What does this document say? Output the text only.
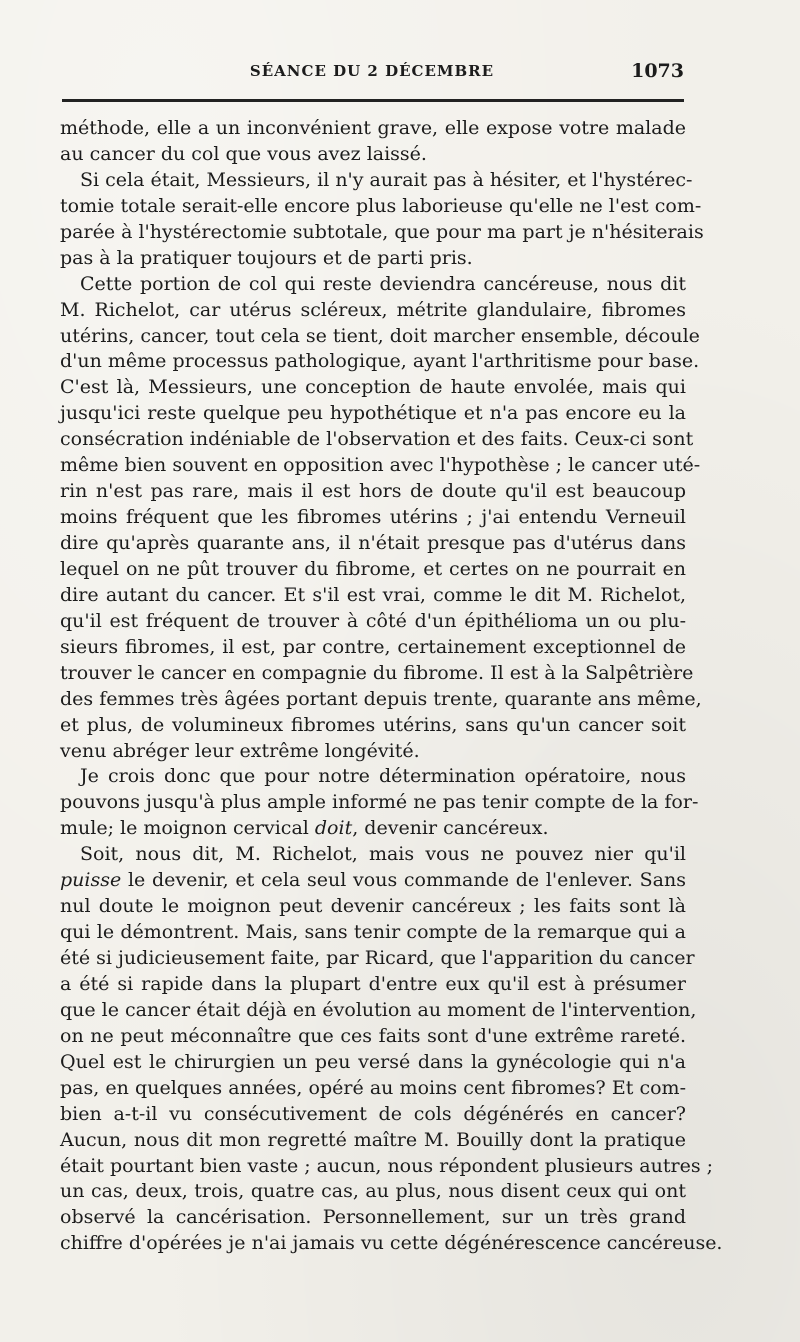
SÉANCE DU 2 DÉCEMBRE	1073
méthode, elle a un inconvénient grave, elle expose votre malade
au cancer du col que vous avez laissé.
Si cela était, Messieurs, il n'y aurait pas à hésiter, et l'hystérec-
tomie totale serait-elle encore plus laborieuse qu'elle ne l'est com-
parée à l'hystérectomie subtotale, que pour ma part je n'hésiterais
pas à la pratiquer toujours et de parti pris.
Cette portion de col qui reste deviendra cancéreuse, nous dit
M. Richelot, car utérus scléreux, métrite glandulaire, fibromes
utérins, cancer, tout cela se tient, doit marcher ensemble, découle
d'un même processus pathologique, ayant l'arthritisme pour base.
C'est là, Messieurs, une conception de haute envolée, mais qui
jusqu'ici reste quelque peu hypothétique et n'a pas encore eu la
consécration indéniable de l'observation et des faits. Ceux-ci sont
même bien souvent en opposition avec l'hypothèse ; le cancer uté-
rin n'est pas rare, mais il est hors de doute qu'il est beaucoup
moins fréquent que les fibromes utérins ; j'ai entendu Verneuil
dire qu'après quarante ans, il n'était presque pas d'utérus dans
lequel on ne pût trouver du fibrome, et certes on ne pourrait en
dire autant du cancer. Et s'il est vrai, comme le dit M. Richelot,
qu'il est fréquent de trouver à côté d'un épithélioma un ou plu-
sieurs fibromes, il est, par contre, certainement exceptionnel de
trouver le cancer en compagnie du fibrome. Il est à la Salpêtrière
des femmes très âgées portant depuis trente, quarante ans même,
et plus, de volumineux fibromes utérins, sans qu'un cancer soit
venu abréger leur extrême longévité.
Je crois donc que pour notre détermination opératoire, nous
pouvons jusqu'à plus ample informé ne pas tenir compte de la for-
mule; le moignon cervical doit, devenir cancéreux.
Soit, nous dit, M. Richelot, mais vous ne pouvez nier qu'il
puisse le devenir, et cela seul vous commande de l'enlever. Sans
nul doute le moignon peut devenir cancéreux ; les faits sont là
qui le démontrent. Mais, sans tenir compte de la remarque qui a
été si judicieusement faite, par Ricard, que l'apparition du cancer
a été si rapide dans la plupart d'entre eux qu'il est à présumer
que le cancer était déjà en évolution au moment de l'intervention,
on ne peut méconnaître que ces faits sont d'une extrême rareté.
Quel est le chirurgien un peu versé dans la gynécologie qui n'a
pas, en quelques années, opéré au moins cent fibromes? Et com-
bien a-t-il vu consécutivement de cols dégénérés en cancer?
Aucun, nous dit mon regretté maître M. Bouilly dont la pratique
était pourtant bien vaste ; aucun, nous répondent plusieurs autres ;
un cas, deux, trois, quatre cas, au plus, nous disent ceux qui ont
observé la cancérisation. Personnellement, sur un très grand
chiffre d'opérées je n'ai jamais vu cette dégénérescence cancéreuse.
